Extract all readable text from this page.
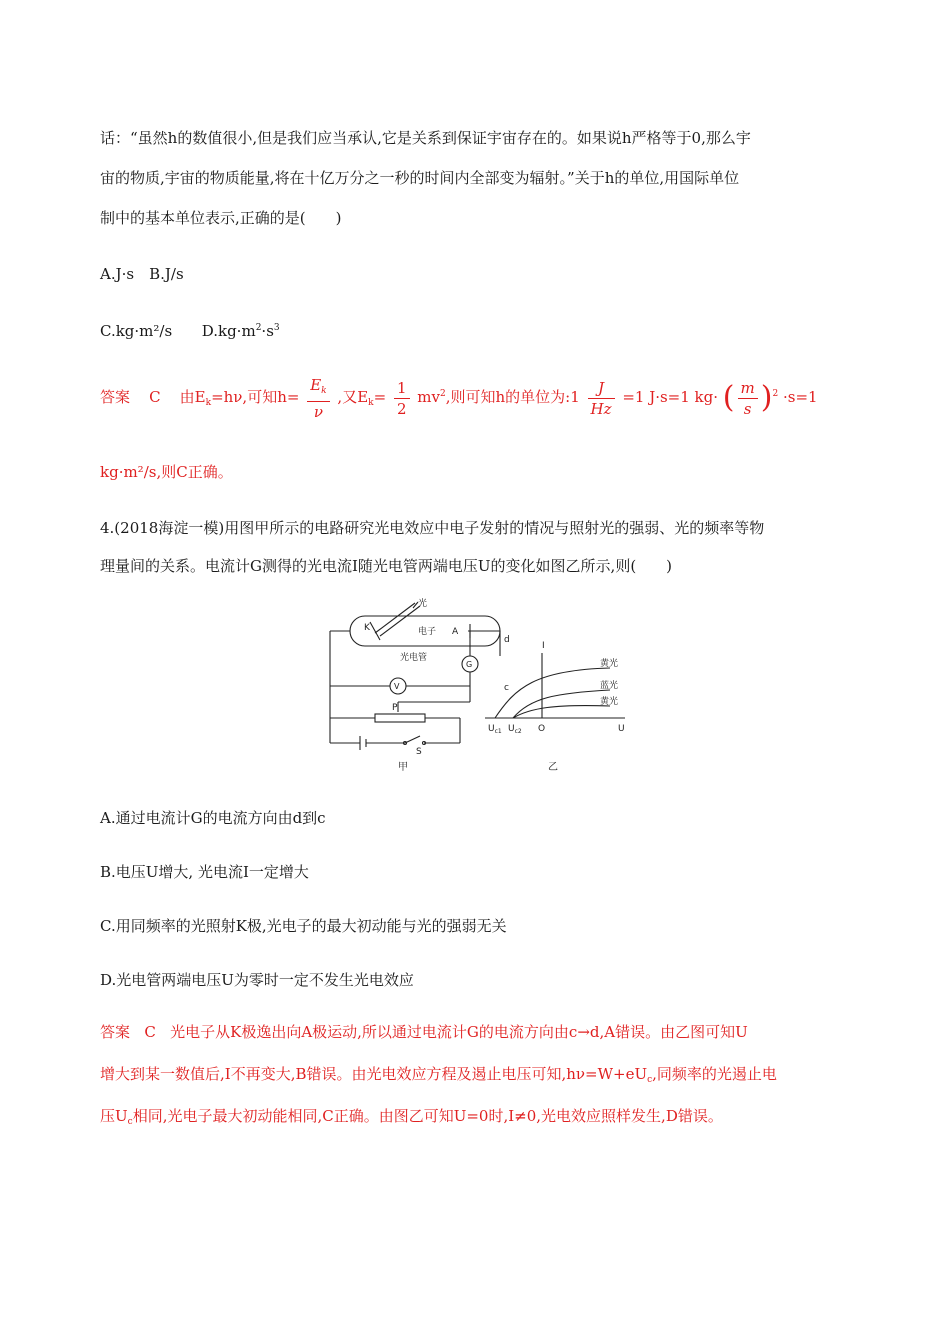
话：“虽然h的数值很小,但是我们应当承认,它是关系到保证宇宙存在的。如果说h严格等于0,那么宇

宙的物质,宇宙的物质能量,将在十亿万分之一秒的时间内全部变为辐射。”关于h的单位,用国际单位

制中的基本单位表示,正确的是(　　)

A.J·s　B.J/s

C.kg·m²/s $D.kg\cdot m^2\cdot s^3$

答案 C 由$E_k=h\nu$,可知$h= \frac{E_k}{\nu}$ ,又$E_k= \frac{1}{2} mv^2$,则可知h的单位为:1 $\frac{J}{Hz} =1$ J·s=1 kg· ( $\frac{m}{s} )^2 \cdot s=1$

kg·m²/s,则C正确。

4.(2018海淀一模)用图甲所示的电路研究光电效应中电子发射的情况与照射光的强弱、光的频率等物

理量间的关系。电流计G测得的光电流I随光电管两端电压U的变化如图乙所示,则(　　)

光
K	电子 A
光电管
d
c
G
V
P
S
甲	乙
I
U
O
$U_{c1}$ $U_{c2}$
黄光
蓝光
黄光

A.通过电流计G的电流方向由d到c

B.电压U增大, 光电流I一定增大

C.用同频率的光照射K极,光电子的最大初动能与光的强弱无关

D.光电管两端电压U为零时一定不发生光电效应

答案 C 光电子从K极逸出向A极运动,所以通过电流计G的电流方向由c→d,A错误。由乙图可知U

增大到某一数值后,I不再变大,B错误。由光电效应方程及遏止电压可知$,h\nu=W+eU_c$,同频率的光遏止电

压$U_c$相同,光电子最大初动能相同,C正确。由图乙可知U=0时,I≠0,光电效应照样发生,D错误。
